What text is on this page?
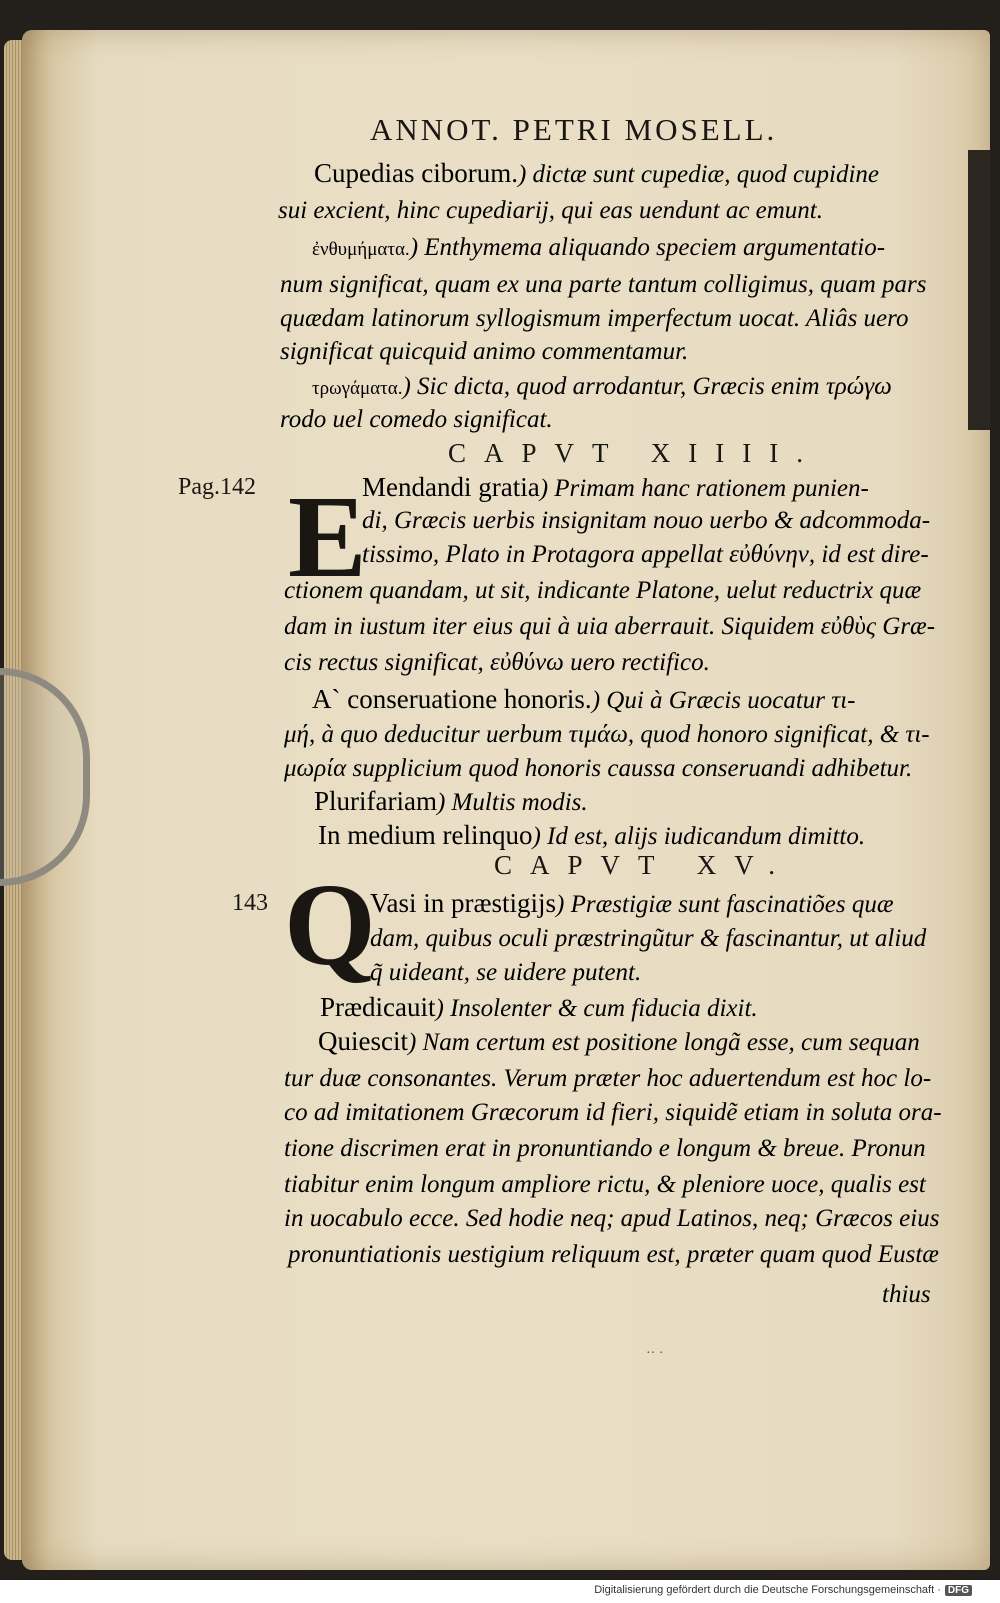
ANNOT. PETRI MOSELL.
Cupedias ciborum.) dictæ sunt cupediæ, quod cupidine
sui excient, hinc cupediarij, qui eas uendunt ac emunt.
ἐνθυμήματα.) Enthymema aliquando speciem argumentatio-
num significat, quam ex una parte tantum colligimus, quam pars
quædam latinorum syllogismum imperfectum uocat. Aliâs uero
significat quicquid animo commentamur.
τρωγάματα.) Sic dicta, quod arrodantur, Græcis enim τρώγω
rodo uel comedo significat.
CAPVT XIIII.
Pag.142 E
Mendandi gratia) Primam hanc rationem punien-
di, Græcis uerbis insignitam nouo uerbo & adcommoda-
tissimo, Plato in Protagora appellat εὐθύνην, id est dire-
ctionem quandam, ut sit, indicante Platone, uelut reductrix quæ
dam in iustum iter eius qui à uia aberrauit. Siquidem εὐθὺς Græ-
cis rectus significat, εὐθύνω uero rectifico.
A` conseruatione honoris.) Qui à Græcis uocatur τι-
μή, à quo deducitur uerbum τιμάω, quod honoro significat, & τι-
μωρία supplicium quod honoris caussa conseruandi adhibetur.
Plurifariam) Multis modis.
In medium relinquo) Id est, alijs iudicandum dimitto.
CAPVT XV.
143 Q
Vasi in præstigijs) Præstigiæ sunt fascinatiões quæ
dam, quibus oculi præstringũtur & fascinantur, ut aliud
q̃ uideant, se uidere putent.
Prædicauit) Insolenter & cum fiducia dixit.
Quiescit) Nam certum est positione longã esse, cum sequan
tur duæ consonantes. Verum præter hoc aduertendum est hoc lo-
co ad imitationem Græcorum id fieri, siquidẽ etiam in soluta ora-
tione discrimen erat in pronuntiando e longum & breue. Pronun
tiabitur enim longum ampliore rictu, & pleniore uoce, qualis est
in uocabulo ecce. Sed hodie neq; apud Latinos, neq; Græcos eius
pronuntiationis uestigium reliquum est, præter quam quod Eustæ
thius
·· ·
Digitalisierung gefördert durch die Deutsche Forschungsgemeinschaft · DFG
